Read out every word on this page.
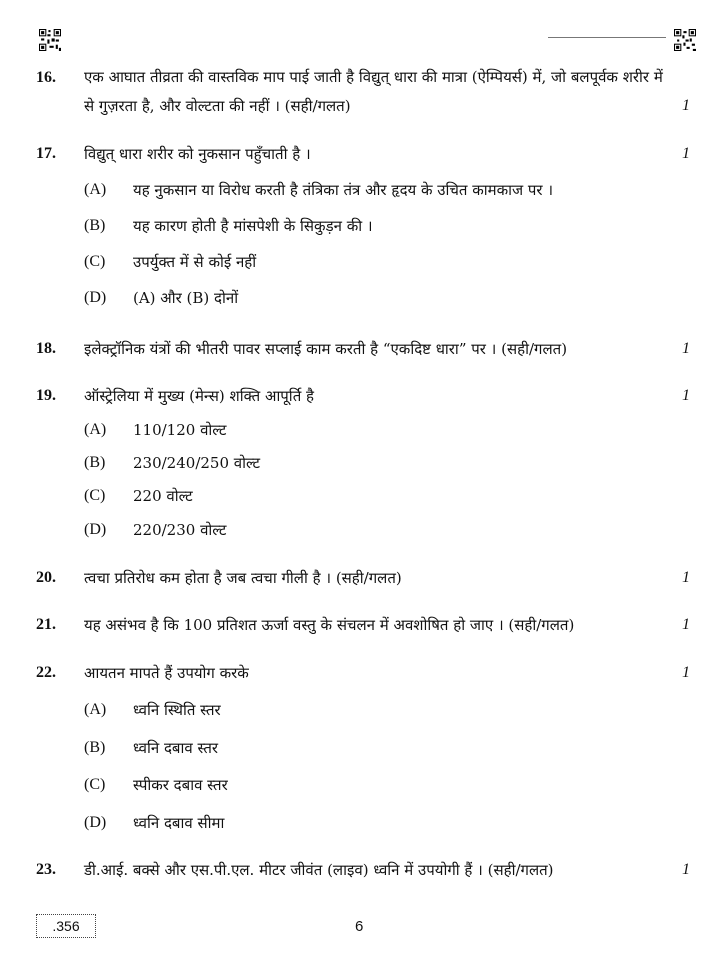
16. एक आघात तीव्रता की वास्तविक माप पाई जाती है विद्युत् धारा की मात्रा (ऐम्पियर्स) में, जो बलपूर्वक शरीर में से गुज़रता है, और वोल्टता की नहीं । (सही/गलत)	1
17. विद्युत् धारा शरीर को नुकसान पहुँचाती है ।	1
(A) यह नुकसान या विरोध करती है तंत्रिका तंत्र और हृदय के उचित कामकाज पर ।
(B) यह कारण होती है मांसपेशी के सिकुड़न की ।
(C) उपर्युक्त में से कोई नहीं
(D) (A) और (B) दोनों
18. इलेक्ट्रॉनिक यंत्रों की भीतरी पावर सप्लाई काम करती है “एकदिष्ट धारा” पर । (सही/गलत)	1
19. ऑस्ट्रेलिया में मुख्य (मेन्स) शक्ति आपूर्ति है	1
(A) 110/120 वोल्ट
(B) 230/240/250 वोल्ट
(C) 220 वोल्ट
(D) 220/230 वोल्ट
20. त्वचा प्रतिरोध कम होता है जब त्वचा गीली है । (सही/गलत)	1
21. यह असंभव है कि 100 प्रतिशत ऊर्जा वस्तु के संचलन में अवशोषित हो जाए । (सही/गलत)	1
22. आयतन मापते हैं उपयोग करके	1
(A) ध्वनि स्थिति स्तर
(B) ध्वनि दबाव स्तर
(C) स्पीकर दबाव स्तर
(D) ध्वनि दबाव सीमा
23. डी.आई. बक्से और एस.पी.एल. मीटर जीवंत (लाइव) ध्वनि में उपयोगी हैं । (सही/गलत)	1
.356	6
